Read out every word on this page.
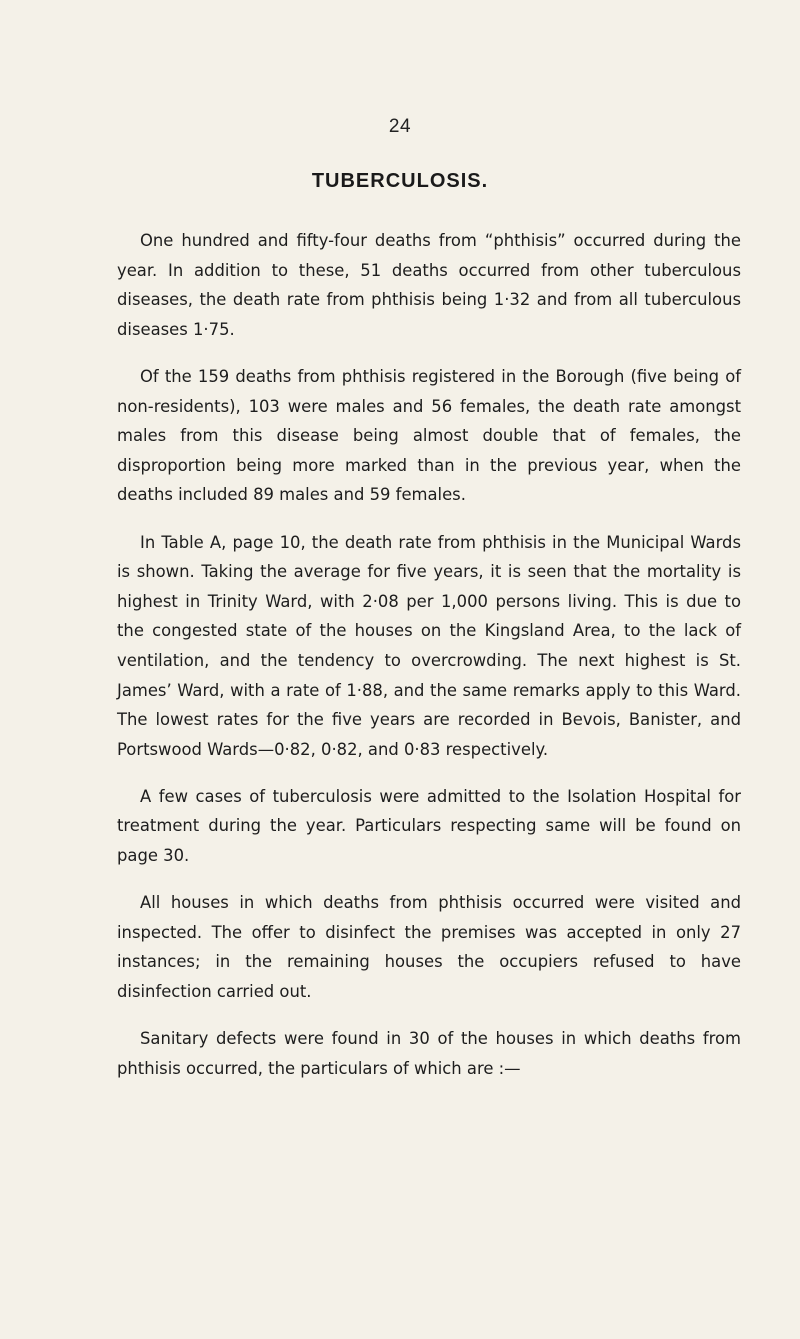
24
TUBERCULOSIS.

One hundred and fifty-four deaths from “phthisis” occurred during the year. In addition to these, 51 deaths occurred from other tuberculous diseases, the death rate from phthisis being 1·32 and from all tuberculous diseases 1·75.

Of the 159 deaths from phthisis registered in the Borough (five being of non-residents), 103 were males and 56 females, the death rate amongst males from this disease being almost double that of females, the disproportion being more marked than in the previous year, when the deaths included 89 males and 59 females.

In Table A, page 10, the death rate from phthisis in the Municipal Wards is shown. Taking the average for five years, it is seen that the mortality is highest in Trinity Ward, with 2·08 per 1,000 persons living. This is due to the congested state of the houses on the Kingsland Area, to the lack of ventilation, and the tendency to overcrowding. The next highest is St. James’ Ward, with a rate of 1·88, and the same remarks apply to this Ward. The lowest rates for the five years are recorded in Bevois, Banister, and Portswood Wards—0·82, 0·82, and 0·83 respectively.

A few cases of tuberculosis were admitted to the Isolation Hospital for treatment during the year. Particulars respecting same will be found on page 30.

All houses in which deaths from phthisis occurred were visited and inspected. The offer to disinfect the premises was accepted in only 27 instances; in the remaining houses the occupiers refused to have disinfection carried out.

Sanitary defects were found in 30 of the houses in which deaths from phthisis occurred, the particulars of which are :—
